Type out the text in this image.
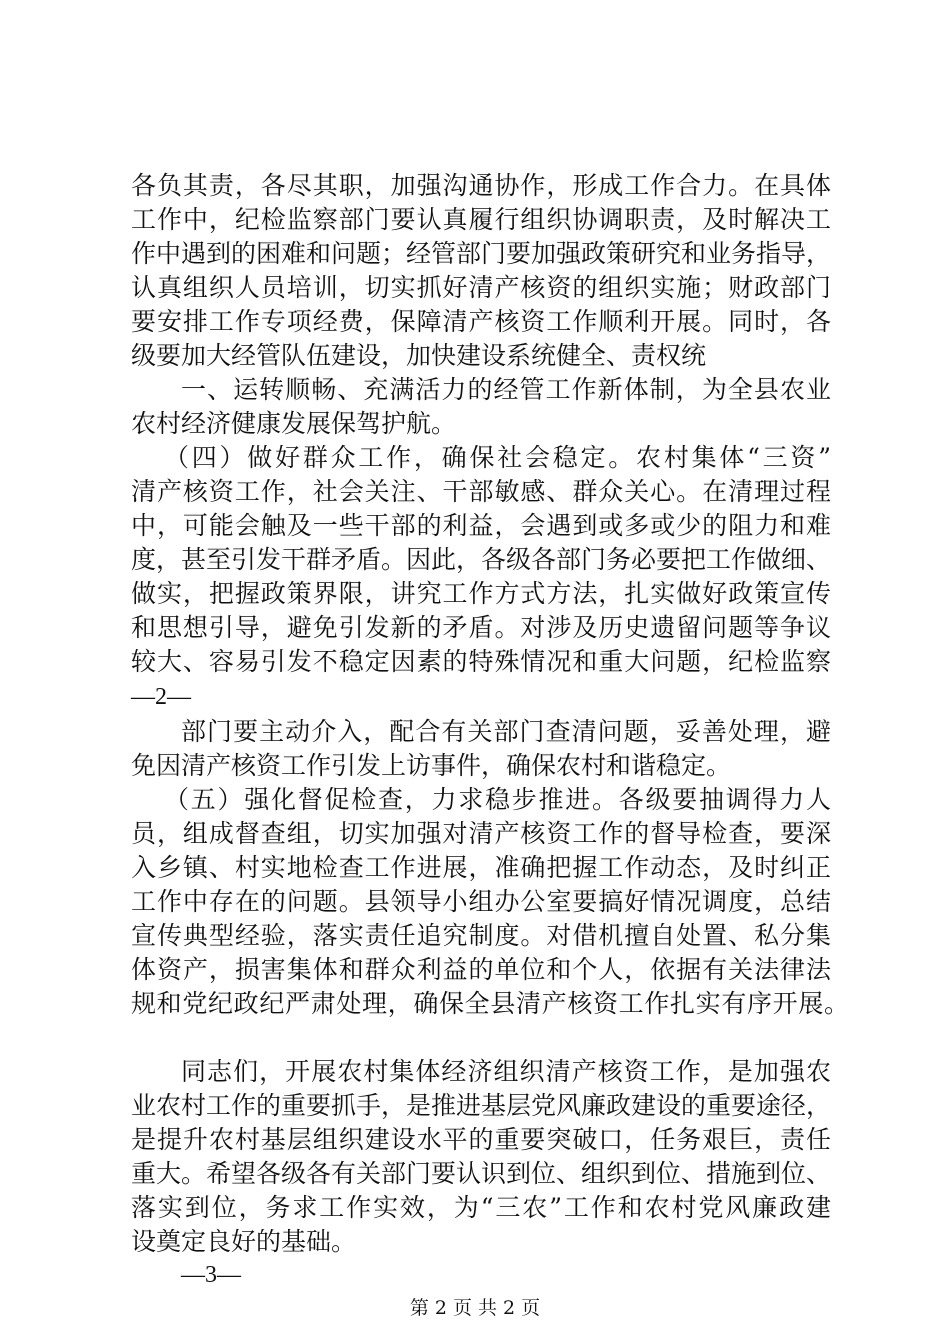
各负其责，各尽其职，加强沟通协作，形成工作合力。在具体
工作中，纪检监察部门要认真履行组织协调职责，及时解决工
作中遇到的困难和问题；经管部门要加强政策研究和业务指导，
认真组织人员培训，切实抓好清产核资的组织实施；财政部门
要安排工作专项经费，保障清产核资工作顺利开展。同时，各
级要加大经管队伍建设，加快建设系统健全、责权统
一、运转顺畅、充满活力的经管工作新体制，为全县农业
农村经济健康发展保驾护航。
（四）做好群众工作，确保社会稳定。农村集体“三资”
清产核资工作，社会关注、干部敏感、群众关心。在清理过程
中，可能会触及一些干部的利益，会遇到或多或少的阻力和难
度，甚至引发干群矛盾。因此，各级各部门务必要把工作做细、
做实，把握政策界限，讲究工作方式方法，扎实做好政策宣传
和思想引导，避免引发新的矛盾。对涉及历史遗留问题等争议
较大、容易引发不稳定因素的特殊情况和重大问题，纪检监察
—2—
部门要主动介入，配合有关部门查清问题，妥善处理，避
免因清产核资工作引发上访事件，确保农村和谐稳定。
（五）强化督促检查，力求稳步推进。各级要抽调得力人
员，组成督查组，切实加强对清产核资工作的督导检查，要深
入乡镇、村实地检查工作进展，准确把握工作动态，及时纠正
工作中存在的问题。县领导小组办公室要搞好情况调度，总结
宣传典型经验，落实责任追究制度。对借机擅自处置、私分集
体资产，损害集体和群众利益的单位和个人，依据有关法律法
规和党纪政纪严肃处理，确保全县清产核资工作扎实有序开展。
同志们，开展农村集体经济组织清产核资工作，是加强农
业农村工作的重要抓手，是推进基层党风廉政建设的重要途径，
是提升农村基层组织建设水平的重要突破口，任务艰巨，责任
重大。希望各级各有关部门要认识到位、组织到位、措施到位、
落实到位，务求工作实效，为“三农”工作和农村党风廉政建
设奠定良好的基础。
—3—
第 2 页 共 2 页
